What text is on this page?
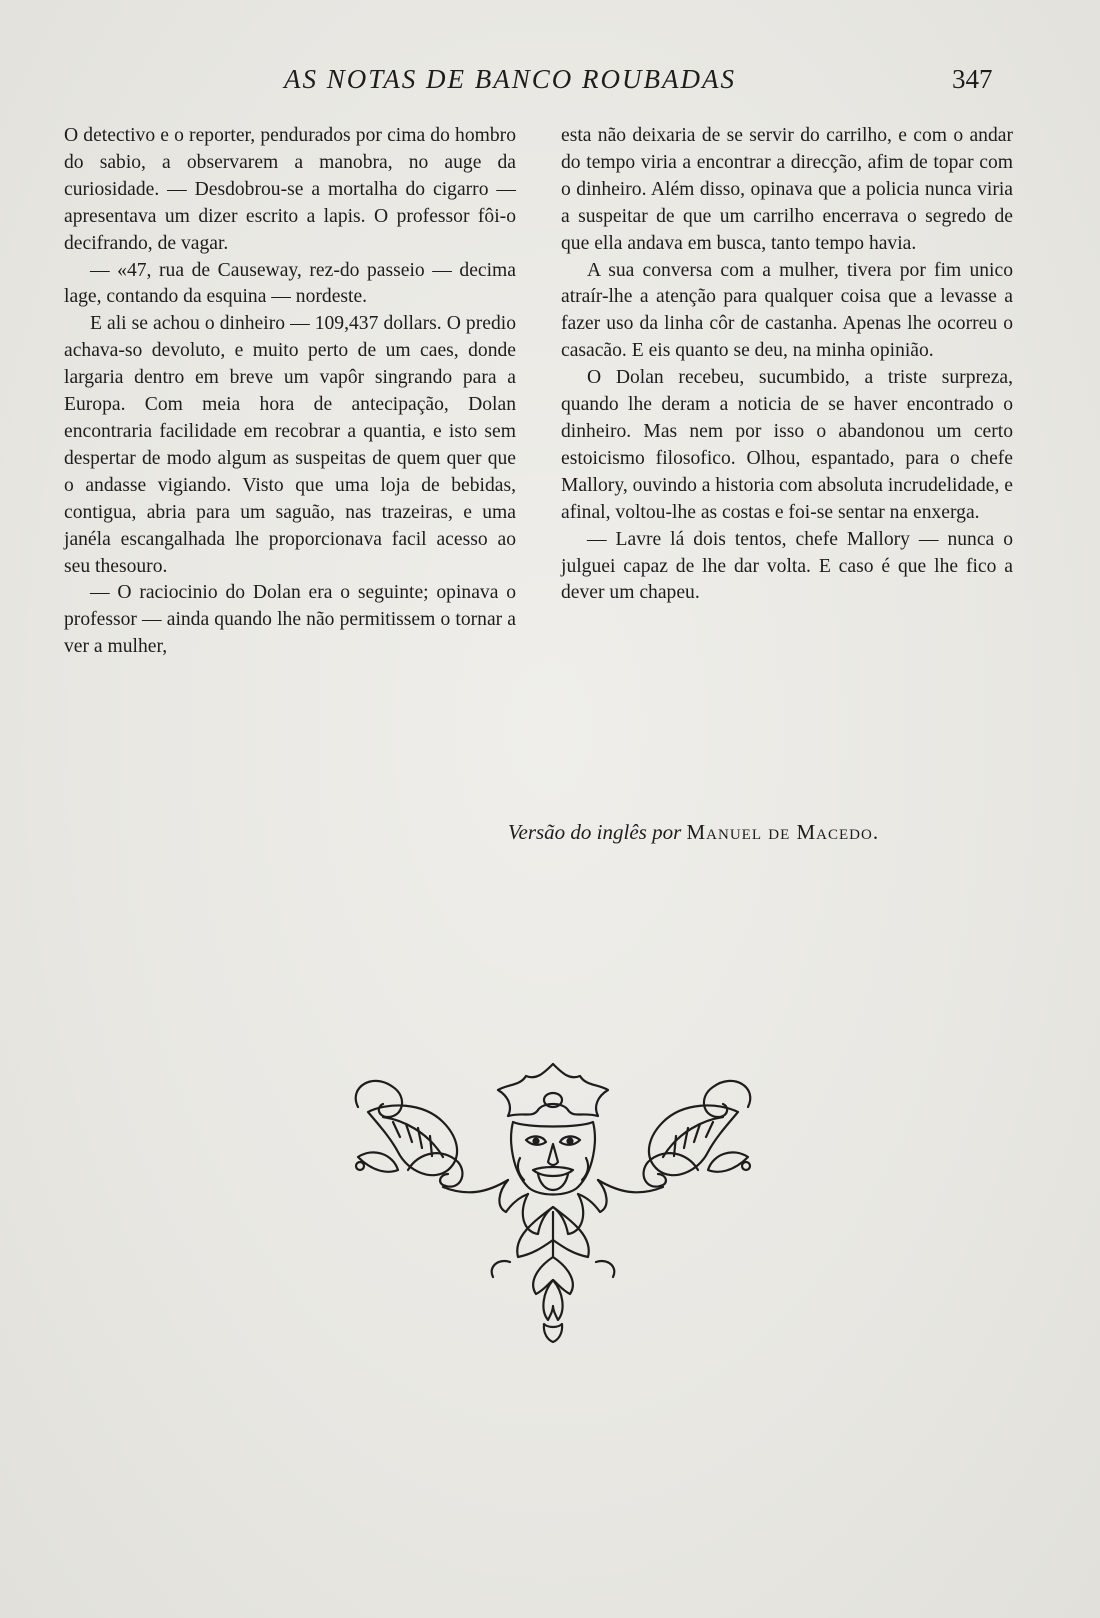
AS NOTAS DE BANCO ROUBADAS	347

O detectivo e o reporter, pendurados por cima do hombro do sabio, a observarem a manobra, no auge da curiosidade. — Desdobrou-se a mortalha do cigarro — apresentava um dizer escrito a lapis. O professor fôi-o decifrando, de vagar.

— «47, rua de Causeway, rez-do passeio — decima lage, contando da esquina — nordeste.

E ali se achou o dinheiro — 109,437 dollars. O predio achava-so devoluto, e muito perto de um caes, donde largaria dentro em breve um vapôr singrando para a Europa. Com meia hora de antecipação, Dolan encontraria facilidade em recobrar a quantia, e isto sem despertar de modo algum as suspeitas de quem quer que o andasse vigiando. Visto que uma loja de bebidas, contigua, abria para um saguão, nas trazeiras, e uma janéla escangalhada lhe proporcionava facil acesso ao seu thesouro.

— O raciocinio do Dolan era o seguinte; opinava o professor — ainda quando lhe não permitissem o tornar a ver a mulher,

esta não deixaria de se servir do carrilho, e com o andar do tempo viria a encontrar a direcção, afim de topar com o dinheiro. Além disso, opinava que a policia nunca viria a suspeitar de que um carrilho encerrava o segredo de que ella andava em busca, tanto tempo havia.

A sua conversa com a mulher, tivera por fim unico atraír-lhe a atenção para qualquer coisa que a levasse a fazer uso da linha côr de castanha. Apenas lhe ocorreu o casacão. E eis quanto se deu, na minha opinião.

O Dolan recebeu, sucumbido, a triste surpreza, quando lhe deram a noticia de se haver encontrado o dinheiro. Mas nem por isso o abandonou um certo estoicismo filosofico. Olhou, espantado, para o chefe Mallory, ouvindo a historia com absoluta incrudelidade, e afinal, voltou-lhe as costas e foi-se sentar na enxerga.

— Lavre lá dois tentos, chefe Mallory — nunca o julguei capaz de lhe dar volta. E caso é que lhe fico a dever um chapeu.

Versão do inglês por Manuel de Macedo.
